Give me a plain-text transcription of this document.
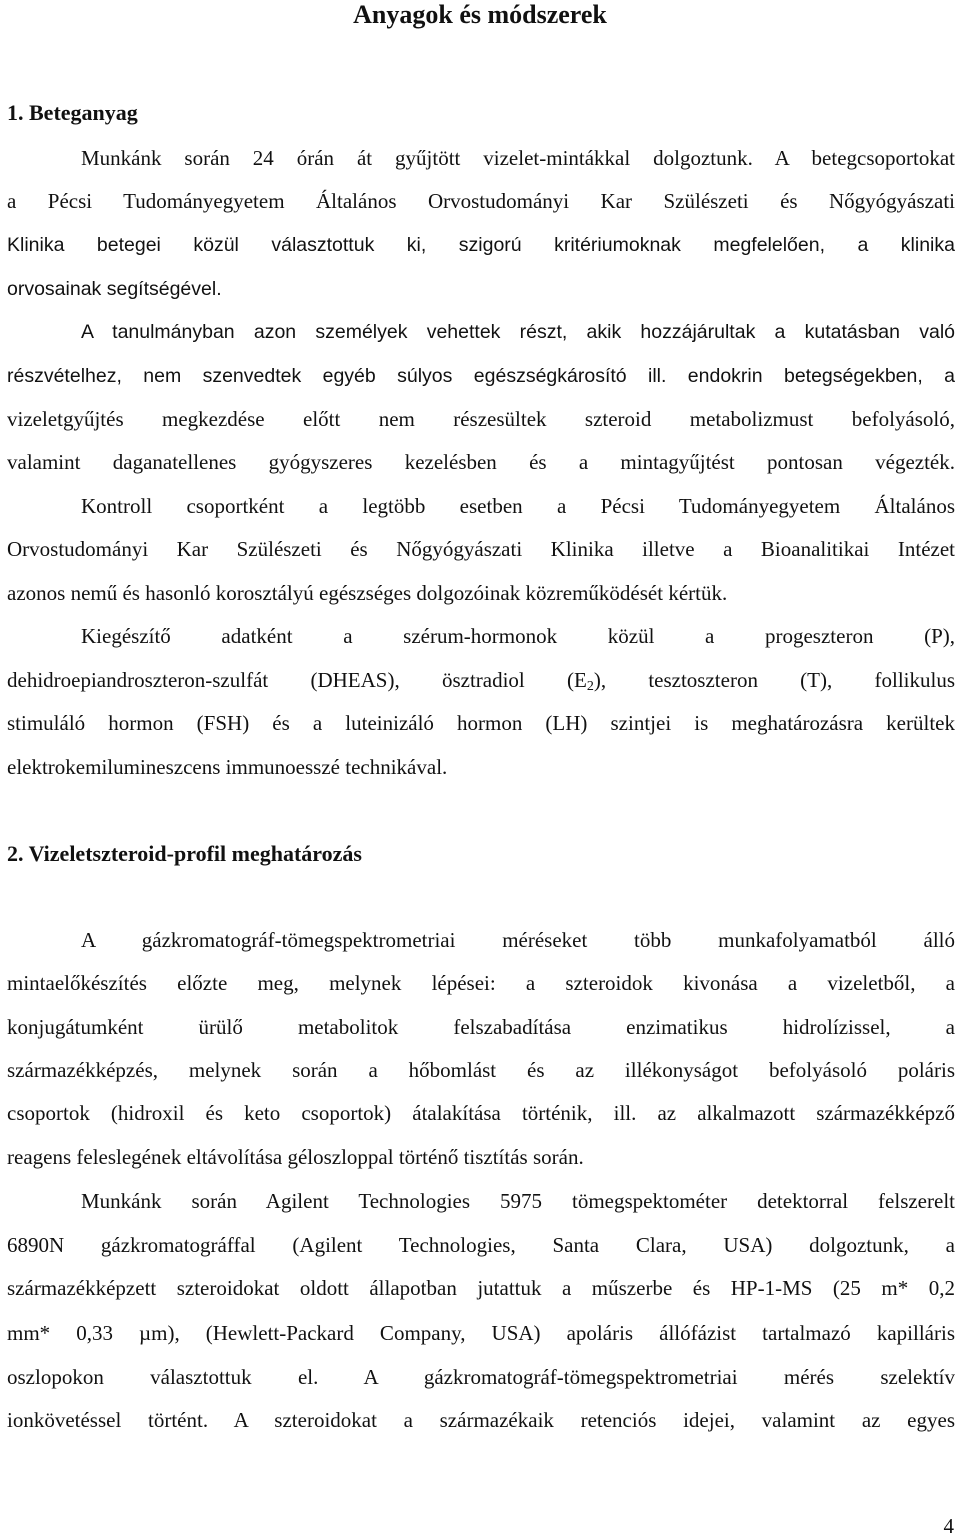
Anyagok és módszerek
1. Beteganyag
Munkánk során 24 órán át gyűjtött vizelet-mintákkal dolgoztunk. A betegcsoportokat
a Pécsi Tudományegyetem Általános Orvostudományi Kar Szülészeti és Nőgyógyászati
Klinika betegei közül választottuk ki, szigorú kritériumoknak megfelelően, a klinika
orvosainak segítségével.
A tanulmányban azon személyek vehettek részt, akik hozzájárultak a kutatásban való
részvételhez, nem szenvedtek egyéb súlyos egészségkárosító ill. endokrin betegségekben, a
vizeletgyűjtés megkezdése előtt nem részesültek szteroid metabolizmust befolyásoló,
valamint daganatellenes gyógyszeres kezelésben és a mintagyűjtést pontosan végezték.
Kontroll csoportként a legtöbb esetben a Pécsi Tudományegyetem Általános
Orvostudományi Kar Szülészeti és Nőgyógyászati Klinika illetve a Bioanalitikai Intézet
azonos nemű és hasonló korosztályú egészséges dolgozóinak közreműködését kértük.
Kiegészítő adatként a szérum-hormonok közül a progeszteron (P),
dehidroepiandroszteron-szulfát (DHEAS), ösztradiol $(E_2)$, tesztoszteron (T), follikulus
stimuláló hormon (FSH) és a luteinizáló hormon (LH) szintjei is meghatározásra kerültek
elektrokemilumineszcens immunoesszé technikával.
2. Vizeletszteroid-profil meghatározás
A gázkromatográf-tömegspektrometriai méréseket több munkafolyamatból álló
mintaelőkészítés előzte meg, melynek lépései: a szteroidok kivonása a vizeletből, a
konjugátumként ürülő metabolitok felszabadítása enzimatikus hidrolízissel, a
származékképzés, melynek során a hőbomlást és az illékonyságot befolyásoló poláris
csoportok (hidroxil és keto csoportok) átalakítása történik, ill. az alkalmazott származékképző
reagens feleslegének eltávolítása géloszloppal történő tisztítás során.
Munkánk során Agilent Technologies 5975 tömegspektométer detektorral felszerelt
6890N gázkromatográffal (Agilent Technologies, Santa Clara, USA) dolgoztunk, a
származékképzett szteroidokat oldott állapotban jutattuk a műszerbe és HP-1-MS (25 m* 0,2
mm* 0,33 µm), (Hewlett-Packard Company, USA) apoláris állófázist tartalmazó kapilláris
oszlopokon választottuk el. A gázkromatográf-tömegspektrometriai mérés szelektív
ionkövetéssel történt. A szteroidokat a származékaik retenciós idejei, valamint az egyes
4
